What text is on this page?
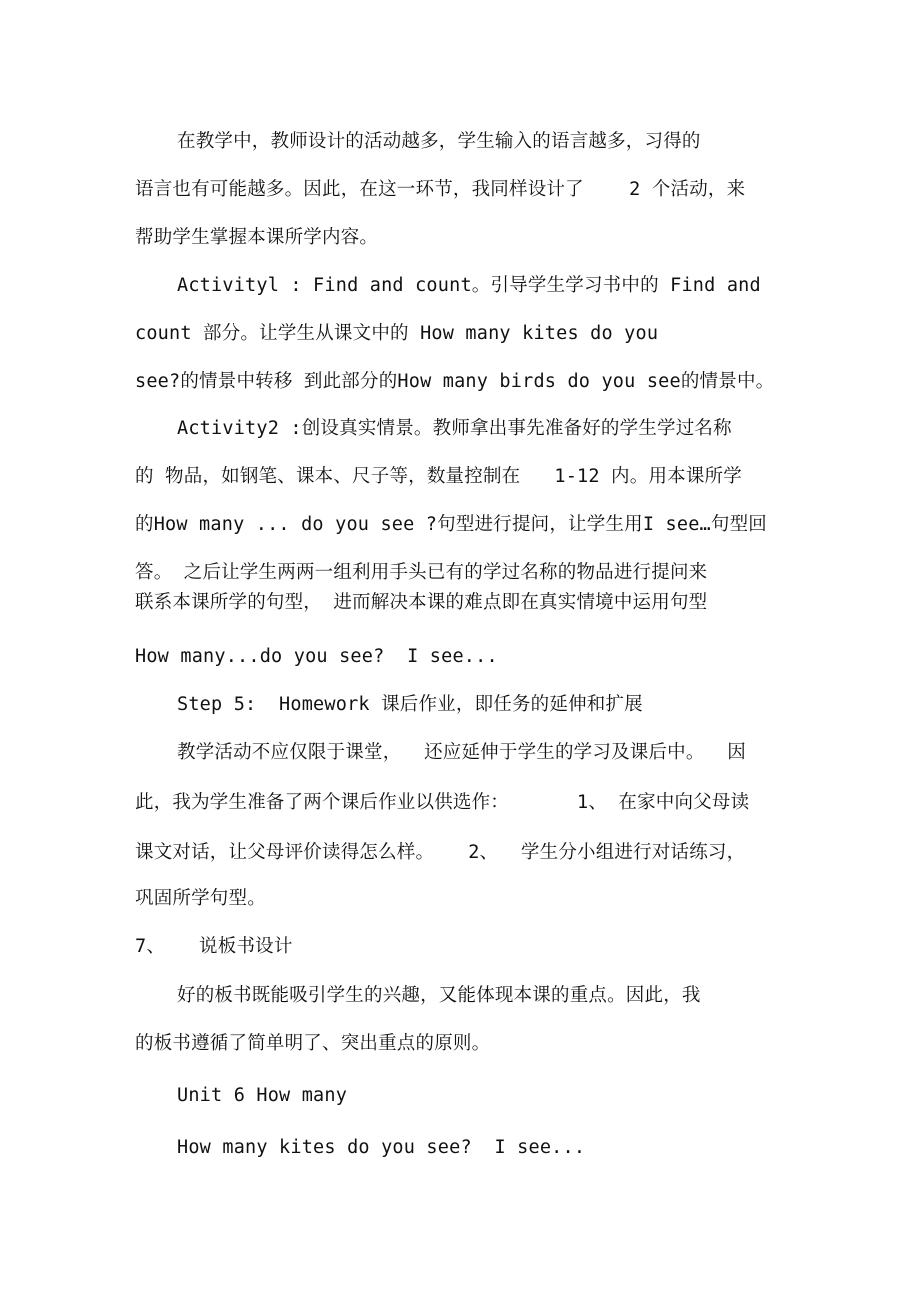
在教学中，教师设计的活动越多，学生输入的语言越多，习得的
语言也有可能越多。因此，在这一环节，我同样设计了    2 个活动，来
帮助学生掌握本课所学内容。
Activityl : Find and count。引导学生学习书中的 Find and
count 部分。让学生从课文中的 How many kites do you
see?的情景中转移 到此部分的How many birds do you see的情景中。
Activity2 :创设真实情景。教师拿出事先准备好的学生学过名称
的 物品，如钢笔、课本、尺子等，数量控制在   1-12 内。用本课所学
的How many ... do you see ?句型进行提问，让学生用I see…句型回
答。 之后让学生两两一组利用手头已有的学过名称的物品进行提问来
联系本课所学的句型， 进而解决本课的难点即在真实情境中运用句型
How many...do you see?  I see...
Step 5:  Homework 课后作业，即任务的延伸和扩展
教学活动不应仅限于课堂，  还应延伸于学生的学习及课后中。  因
此，我为学生准备了两个课后作业以供选作：      1、 在家中向父母读
课文对话，让父母评价读得怎么样。   2、  学生分小组进行对话练习，
巩固所学句型。
7、   说板书设计
好的板书既能吸引学生的兴趣，又能体现本课的重点。因此，我
的板书遵循了简单明了、突出重点的原则。
Unit 6 How many
How many kites do you see?  I see...
